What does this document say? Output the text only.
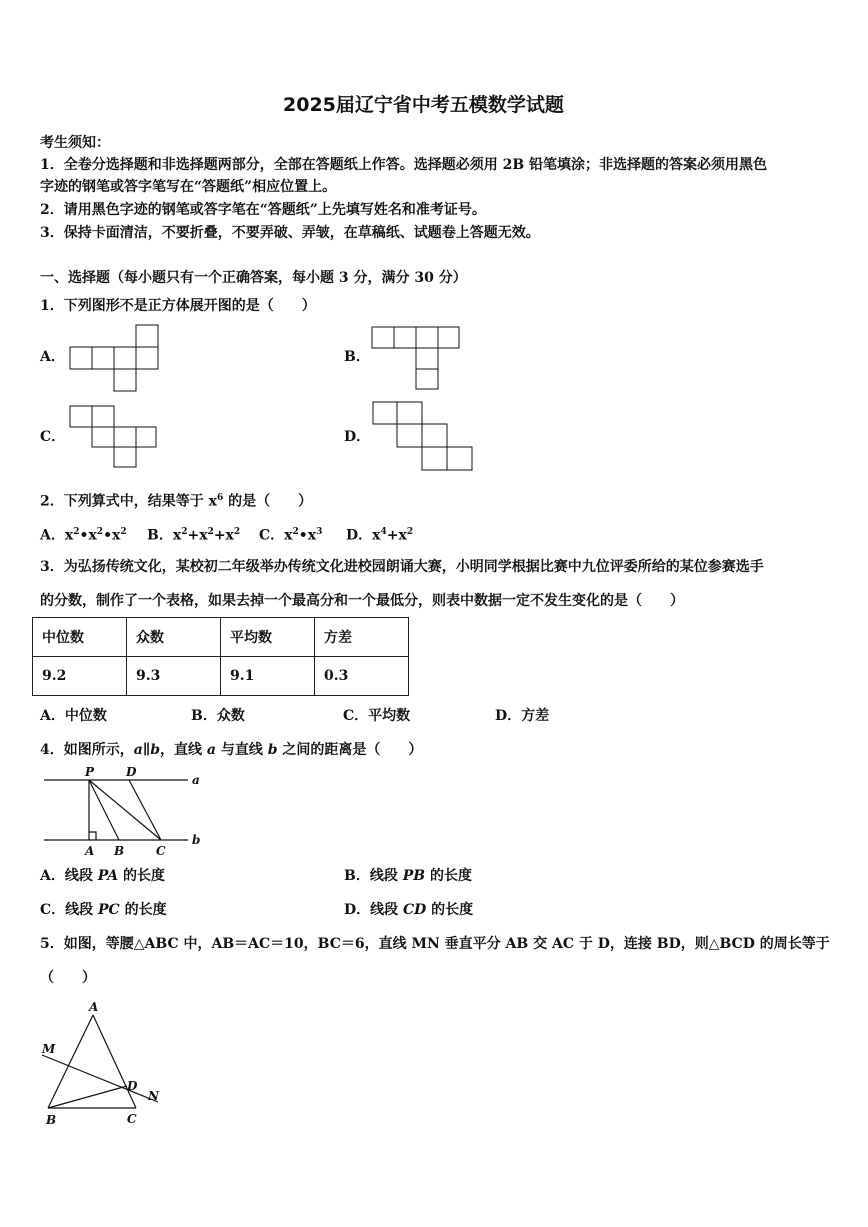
2025届辽宁省中考五模数学试题
考生须知：
1．全卷分选择题和非选择题两部分，全部在答题纸上作答。选择题必须用 2B 铅笔填涂；非选择题的答案必须用黑色
字迹的钢笔或答字笔写在“答题纸”相应位置上。
2．请用黑色字迹的钢笔或答字笔在“答题纸”上先填写姓名和准考证号。
3．保持卡面清洁，不要折叠，不要弄破、弄皱，在草稿纸、试题卷上答题无效。
一、选择题（每小题只有一个正确答案，每小题 3 分，满分 30 分）
1．下列图形不是正方体展开图的是（　　）
A．	B．
C．	D．
2．下列算式中，结果等于 $x^6$ 的是（　　）
A．$x^2•x^2•x^2$ B．$x^2+x^2+x^2$ C．$x^2•x^3$ D．$x^4+x^2$
3．为弘扬传统文化，某校初二年级举办传统文化进校园朗诵大赛，小明同学根据比赛中九位评委所给的某位参赛选手
的分数，制作了一个表格，如果去掉一个最高分和一个最低分，则表中数据一定不发生变化的是（　　）
中位数	众数	平均数	方差
9.2	9.3	9.1	0.3
A．中位数	B．众数	C．平均数	D．方差
4．如图所示，a∥b，直线 a 与直线 b 之间的距离是（　　）
P	D
a
b
A B	C
A．线段 PA 的长度	B．线段 PB 的长度
C．线段 PC 的长度	D．线段 CD 的长度
5．如图，等腰△ABC 中，AB＝AC＝10，BC＝6，直线 MN 垂直平分 AB 交 AC 于 D，连接 BD，则△BCD 的周长等于
（　　）
A
M
D
N
B	C
